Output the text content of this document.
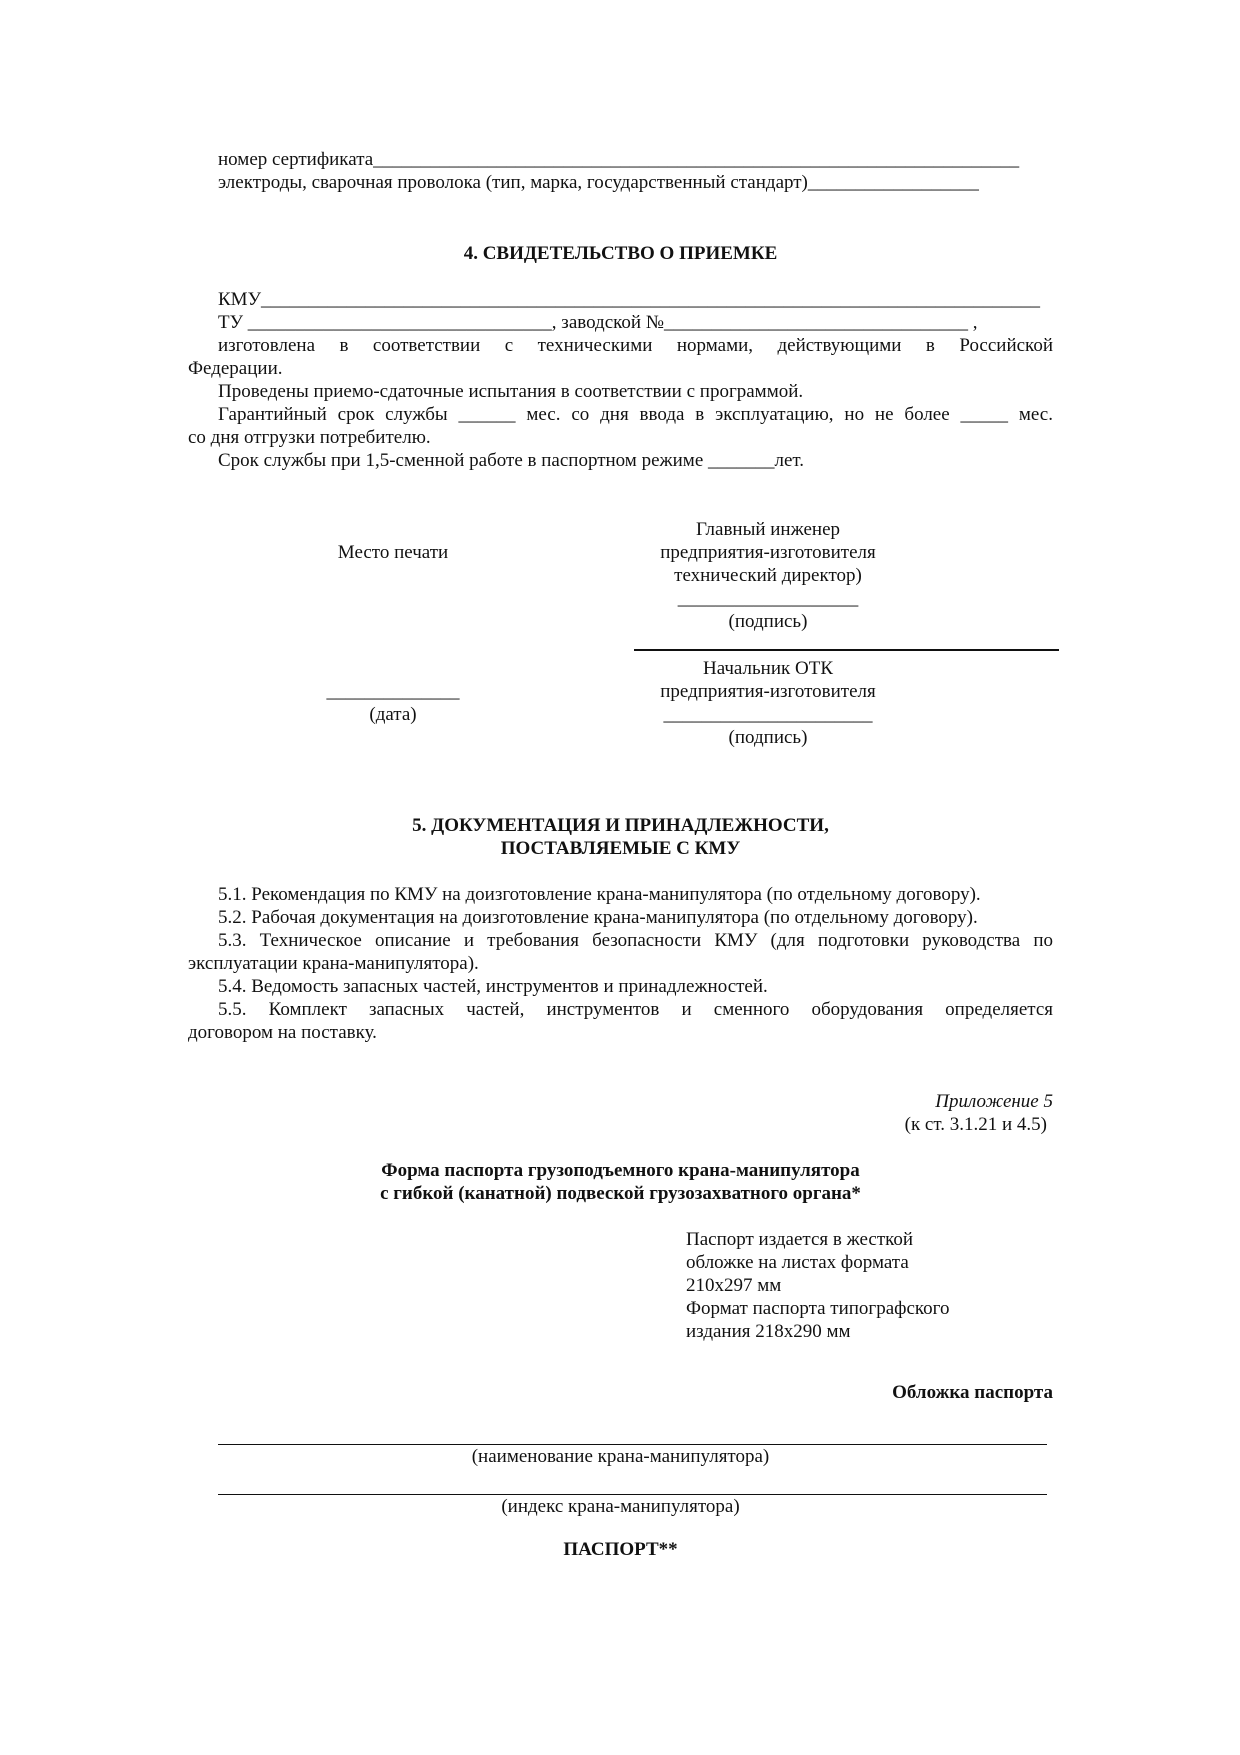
номер сертификата____________________________________________________________________

электроды, сварочная проволока (тип, марка, государственный стандарт)__________________

4. СВИДЕТЕЛЬСТВО О ПРИЕМКЕ

КМУ__________________________________________________________________________________

ТУ ________________________________, заводской №________________________________ ,

изготовлена в соответствии с техническими нормами, действующими в Российской

Федерации.

Проведены приемо-сдаточные испытания в соответствии с программой.

Гарантийный срок службы ______ мес. со дня ввода в эксплуатацию, но не более _____ мес.

со дня отгрузки потребителю.

Срок службы при 1,5-сменной работе в паспортном режиме _______лет.

Место печати

Главный инженер

предприятия-изготовителя

технический директор)

___________________

(подпись)

Начальник ОТК

предприятия-изготовителя

______________________

(подпись)

______________

(дата)

5. ДОКУМЕНТАЦИЯ И ПРИНАДЛЕЖНОСТИ,

ПОСТАВЛЯЕМЫЕ С КМУ

5.1. Рекомендация по КМУ на доизготовление крана-манипулятора (по отдельному договору).

5.2. Рабочая документация на доизготовление крана-манипулятора (по отдельному договору).

5.3. Техническое описание и требования безопасности КМУ (для подготовки руководства по

эксплуатации крана-манипулятора).

5.4. Ведомость запасных частей, инструментов и принадлежностей.

5.5. Комплект запасных частей, инструментов и сменного оборудования определяется

договором на поставку.

Приложение 5

(к ст. 3.1.21 и 4.5)

Форма паспорта грузоподъемного крана-манипулятора

с гибкой (канатной) подвеской грузозахватного органа*

Паспорт издается в жесткой

обложке на листах формата

210х297 мм

Формат паспорта типографского

издания 218х290 мм

Обложка паспорта

(наименование крана-манипулятора)

(индекс крана-манипулятора)

ПАСПОРТ**
